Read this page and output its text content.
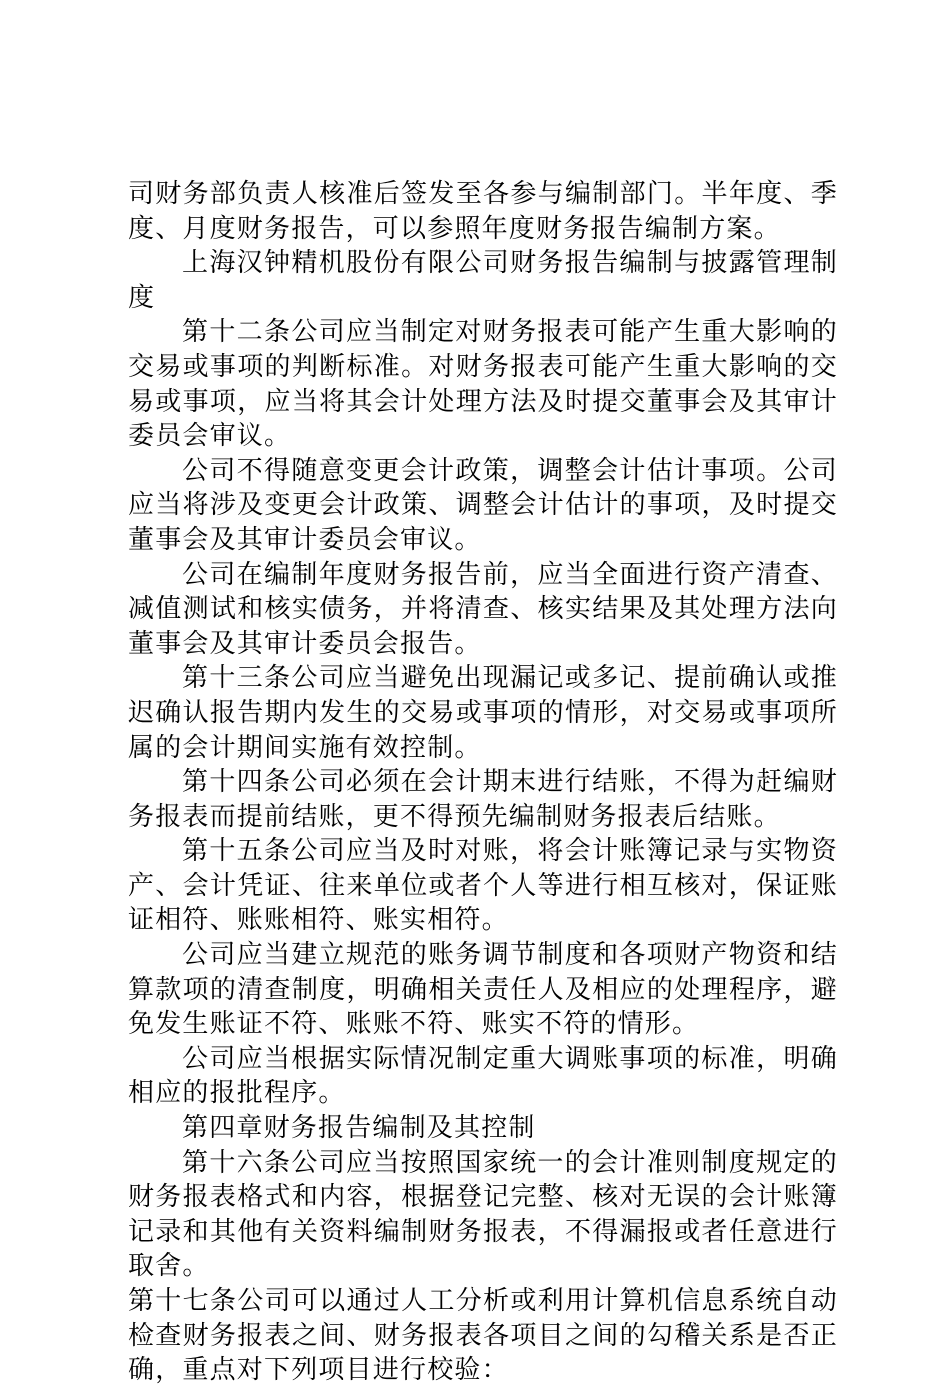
司财务部负责人核准后签发至各参与编制部门。半年度、季度、月度财务报告，可以参照年度财务报告编制方案。

上海汉钟精机股份有限公司财务报告编制与披露管理制度

第十二条公司应当制定对财务报表可能产生重大影响的交易或事项的判断标准。对财务报表可能产生重大影响的交易或事项，应当将其会计处理方法及时提交董事会及其审计委员会审议。

公司不得随意变更会计政策，调整会计估计事项。公司应当将涉及变更会计政策、调整会计估计的事项，及时提交董事会及其审计委员会审议。

公司在编制年度财务报告前，应当全面进行资产清查、减值测试和核实债务，并将清查、核实结果及其处理方法向董事会及其审计委员会报告。

第十三条公司应当避免出现漏记或多记、提前确认或推迟确认报告期内发生的交易或事项的情形，对交易或事项所属的会计期间实施有效控制。

第十四条公司必须在会计期末进行结账，不得为赶编财务报表而提前结账，更不得预先编制财务报表后结账。

第十五条公司应当及时对账，将会计账簿记录与实物资产、会计凭证、往来单位或者个人等进行相互核对，保证账证相符、账账相符、账实相符。

公司应当建立规范的账务调节制度和各项财产物资和结算款项的清查制度，明确相关责任人及相应的处理程序，避免发生账证不符、账账不符、账实不符的情形。

公司应当根据实际情况制定重大调账事项的标准，明确相应的报批程序。

第四章财务报告编制及其控制

第十六条公司应当按照国家统一的会计准则制度规定的财务报表格式和内容，根据登记完整、核对无误的会计账簿记录和其他有关资料编制财务报表，不得漏报或者任意进行取舍。

第十七条公司可以通过人工分析或利用计算机信息系统自动检查财务报表之间、财务报表各项目之间的勾稽关系是否正确，重点对下列项目进行校验：
